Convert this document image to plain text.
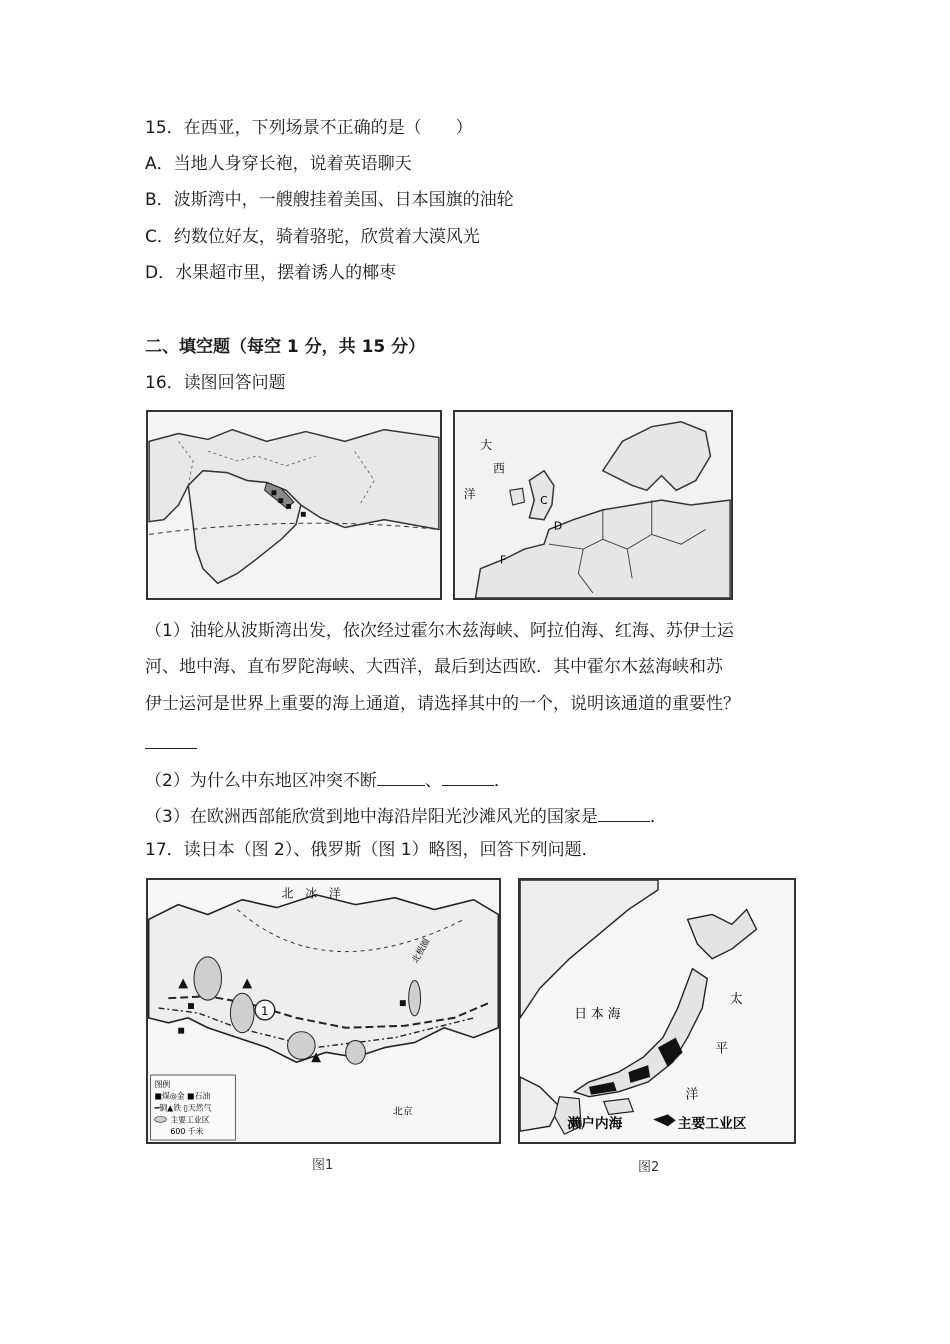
15．在西亚，下列场景不正确的是（　　）
A．当地人身穿长袍，说着英语聊天
B．波斯湾中，一艘艘挂着美国、日本国旗的油轮
C．约数位好友，骑着骆驼，欣赏着大漠风光
D．水果超市里，摆着诱人的椰枣
二、填空题（每空 1 分，共 15 分）
16．读图回答问题
大
西
洋	C
D
F
（1）油轮从波斯湾出发，依次经过霍尔木兹海峡、阿拉伯海、红海、苏伊士运
河、地中海、直布罗陀海峡、大西洋，最后到达西欧．其中霍尔木兹海峡和苏
伊士运河是世界上重要的海上通道，请选择其中的一个，说明该通道的重要性？
（2）为什么中东地区冲突不断	、	．
（3）在欧洲西部能欣赏到地中海沿岸阳光沙滩风光的国家是	．
17．读日本（图 2）、俄罗斯（图 1）略图，回答下列问题．
1
北　冰　洋
北极圈
北京
图例
■煤◎金 ■石油
━铜▲铁 ▯天然气
主要工业区
600 千米
图1
日本海
太
平
洋
濑户内海	主要工业区
图2
